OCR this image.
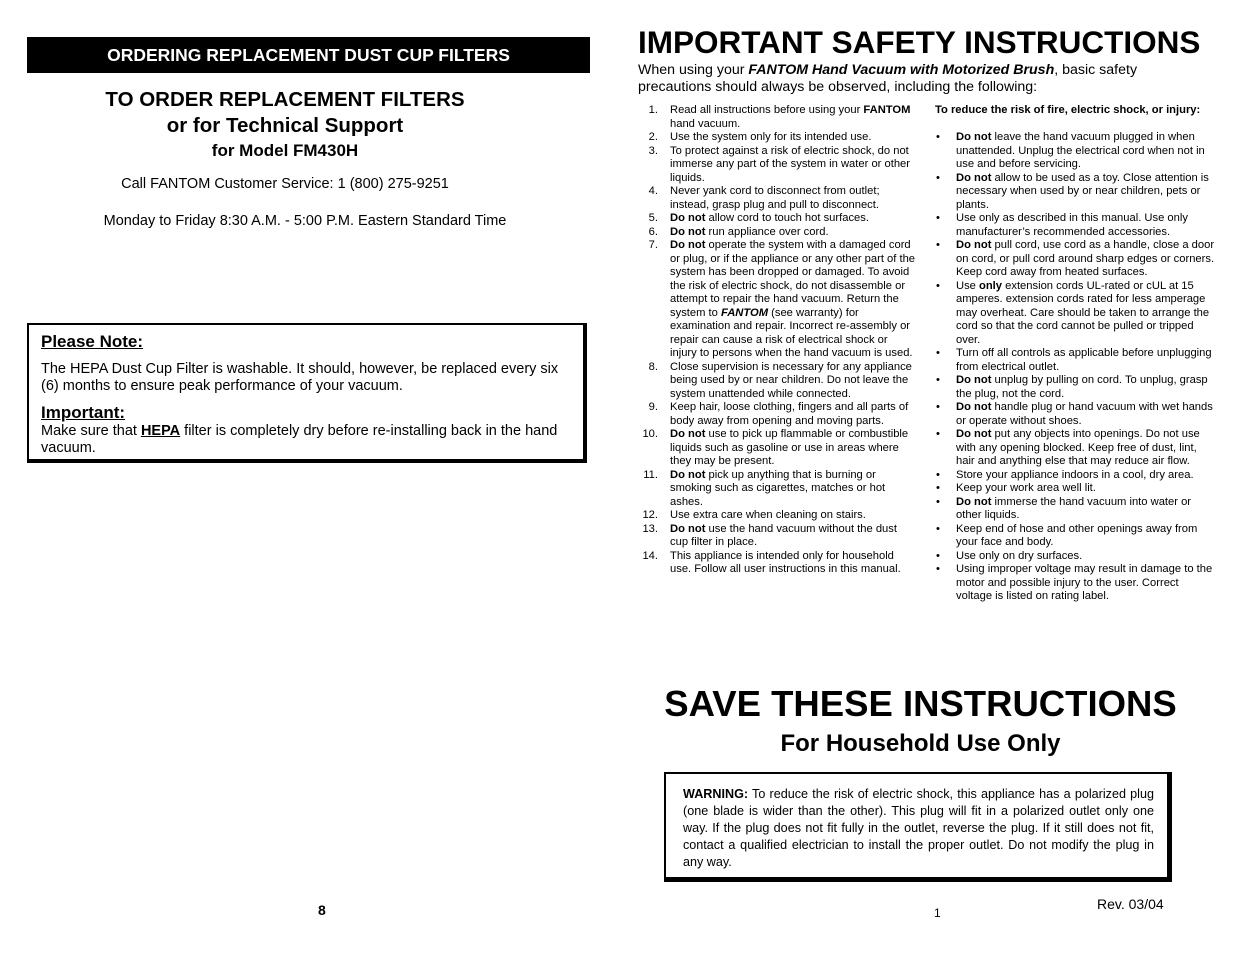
ORDERING REPLACEMENT DUST CUP FILTERS
TO ORDER REPLACEMENT FILTERS
or for Technical Support
for Model FM430H
Call FANTOM Customer Service: 1 (800) 275-9251
Monday to Friday 8:30 A.M. - 5:00 P.M. Eastern Standard Time
Please Note:
The HEPA Dust Cup Filter is washable. It should, however, be replaced every six (6) months to ensure peak performance of your vacuum.
Important:
Make sure that HEPA filter is completely dry before re-installing back in the hand vacuum.
8
IMPORTANT SAFETY INSTRUCTIONS
When using your FANTOM Hand Vacuum with Motorized Brush, basic safety precautions should always be observed, including the following:
1. Read all instructions before using your FANTOM hand vacuum.
2. Use the system only for its intended use.
3. To protect against a risk of electric shock, do not immerse any part of the system in water or other liquids.
4. Never yank cord to disconnect from outlet; instead, grasp plug and pull to disconnect.
5. Do not allow cord to touch hot surfaces.
6. Do not run appliance over cord.
7. Do not operate the system with a damaged cord or plug, or if the appliance or any other part of the system has been dropped or damaged. To avoid the risk of electric shock, do not disassemble or attempt to repair the hand vacuum. Return the system to FANTOM (see warranty) for examination and repair. Incorrect re-assembly or repair can cause a risk of electrical shock or injury to persons when the hand vacuum is used.
8. Close supervision is necessary for any appliance being used by or near children. Do not leave the system unattended while connected.
9. Keep hair, loose clothing, fingers and all parts of body away from opening and moving parts.
10. Do not use to pick up flammable or combustible liquids such as gasoline or use in areas where they may be present.
11. Do not pick up anything that is burning or smoking such as cigarettes, matches or hot ashes.
12. Use extra care when cleaning on stairs.
13. Do not use the hand vacuum without the dust cup filter in place.
14. This appliance is intended only for household use. Follow all user instructions in this manual.
To reduce the risk of fire, electric shock, or injury:
• Do not leave the hand vacuum plugged in when unattended. Unplug the electrical cord when not in use and before servicing.
• Do not allow to be used as a toy. Close attention is necessary when used by or near children, pets or plants.
• Use only as described in this manual. Use only manufacturer’s recommended accessories.
• Do not pull cord, use cord as a handle, close a door on cord, or pull cord around sharp edges or corners. Keep cord away from heated surfaces.
• Use only extension cords UL-rated or cUL at 15 amperes. extension cords rated for less amperage may overheat. Care should be taken to arrange the cord so that the cord cannot be pulled or tripped over.
• Turn off all controls as applicable before unplugging from electrical outlet.
• Do not unplug by pulling on cord. To unplug, grasp the plug, not the cord.
• Do not handle plug or hand vacuum with wet hands or operate without shoes.
• Do not put any objects into openings. Do not use with any opening blocked. Keep free of dust, lint, hair and anything else that may reduce air flow.
• Store your appliance indoors in a cool, dry area.
• Keep your work area well lit.
• Do not immerse the hand vacuum into water or other liquids.
• Keep end of hose and other openings away from your face and body.
• Use only on dry surfaces.
• Using improper voltage may result in damage to the motor and possible injury to the user. Correct voltage is listed on rating label.
SAVE THESE INSTRUCTIONS
For Household Use Only
WARNING: To reduce the risk of electric shock, this appliance has a polarized plug (one blade is wider than the other). This plug will fit in a polarized outlet only one way. If the plug does not fit fully in the outlet, reverse the plug. If it still does not fit, contact a qualified electrician to install the proper outlet. Do not modify the plug in any way.
1
Rev. 03/04
